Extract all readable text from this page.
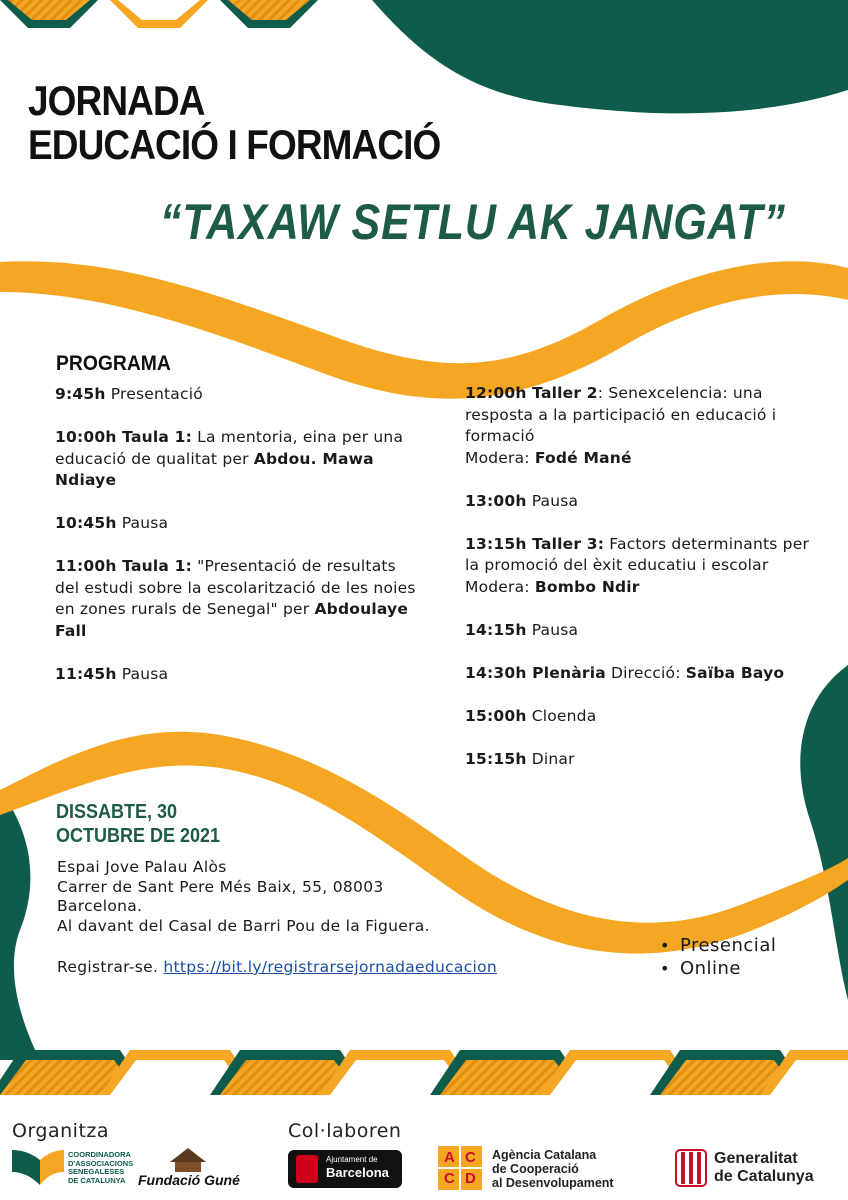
JORNADA
EDUCACIÓ I FORMACIÓ
“TAXAW SETLU AK JANGAT”
PROGRAMA
9:45h Presentació
10:00h Taula 1: La mentoria, eina per una educació de qualitat per Abdou. Mawa Ndiaye
10:45h Pausa
11:00h Taula 1: "Presentació de resultats del estudi sobre la escolarització de les noies en zones rurals de Senegal" per Abdoulaye Fall
11:45h Pausa
12:00h Taller 2: Senexcelencia: una resposta a la participació en educació i formació
Modera: Fodé Mané
13:00h Pausa
13:15h Taller 3: Factors determinants per la promoció del èxit educatiu i escolar
Modera: Bombo Ndir
14:15h Pausa
14:30h Plenària Direcció: Saïba Bayo
15:00h Cloenda
15:15h Dinar
DISSABTE, 30
OCTUBRE DE 2021
Espai Jove Palau Alòs
Carrer de Sant Pere Més Baix, 55, 08003
Barcelona.
Al davant del Casal de Barri Pou de la Figuera.
Registrar-se. https://bit.ly/registrarsejornadaeducacion
• Presencial
• Online
Organitza	Col·laboren
COORDINADORA
D'ASSOCIACIONS
SENEGALESES
DE CATALUNYA Fundació Guné
Ajuntament de
Barcelona
A C
C D
Agència Catalana
de Cooperació
al Desenvolupament
Generalitat
de Catalunya
